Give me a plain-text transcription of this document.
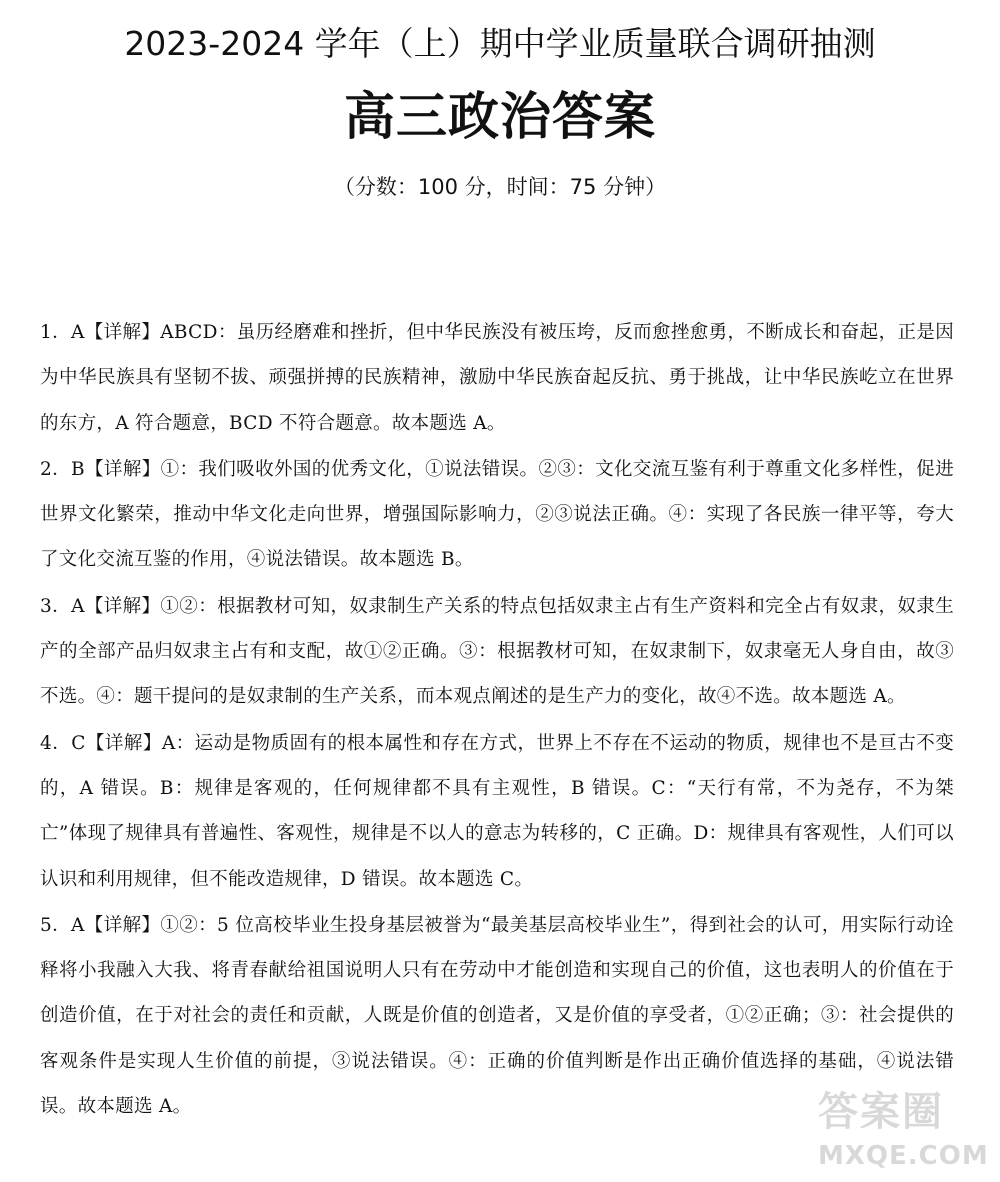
2023-2024 学年（上）期中学业质量联合调研抽测
高三政治答案
（分数：100 分，时间：75 分钟）

1．A【详解】ABCD：虽历经磨难和挫折，但中华民族没有被压垮，反而愈挫愈勇，不断成长和奋起，正是因为中华民族具有坚韧不拔、顽强拼搏的民族精神，激励中华民族奋起反抗、勇于挑战，让中华民族屹立在世界的东方，A 符合题意，BCD 不符合题意。故本题选 A。

2．B【详解】①：我们吸收外国的优秀文化，①说法错误。②③：文化交流互鉴有利于尊重文化多样性，促进世界文化繁荣，推动中华文化走向世界，增强国际影响力，②③说法正确。④：实现了各民族一律平等，夸大了文化交流互鉴的作用，④说法错误。故本题选 B。

3．A【详解】①②：根据教材可知，奴隶制生产关系的特点包括奴隶主占有生产资料和完全占有奴隶，奴隶生产的全部产品归奴隶主占有和支配，故①②正确。③：根据教材可知，在奴隶制下，奴隶毫无人身自由，故③不选。④：题干提问的是奴隶制的生产关系，而本观点阐述的是生产力的变化，故④不选。故本题选 A。

4．C【详解】A：运动是物质固有的根本属性和存在方式，世界上不存在不运动的物质，规律也不是亘古不变的，A 错误。B：规律是客观的，任何规律都不具有主观性，B 错误。C：“天行有常，不为尧存，不为桀亡”体现了规律具有普遍性、客观性，规律是不以人的意志为转移的，C 正确。D：规律具有客观性，人们可以认识和利用规律，但不能改造规律，D 错误。故本题选 C。

5．A【详解】①②：5 位高校毕业生投身基层被誉为“最美基层高校毕业生”，得到社会的认可，用实际行动诠释将小我融入大我、将青春献给祖国说明人只有在劳动中才能创造和实现自己的价值，这也表明人的价值在于创造价值，在于对社会的责任和贡献，人既是价值的创造者，又是价值的享受者，①②正确；③：社会提供的客观条件是实现人生价值的前提，③说法错误。④：正确的价值判断是作出正确价值选择的基础，④说法错误。故本题选 A。	答案圈
MXQE.COM
